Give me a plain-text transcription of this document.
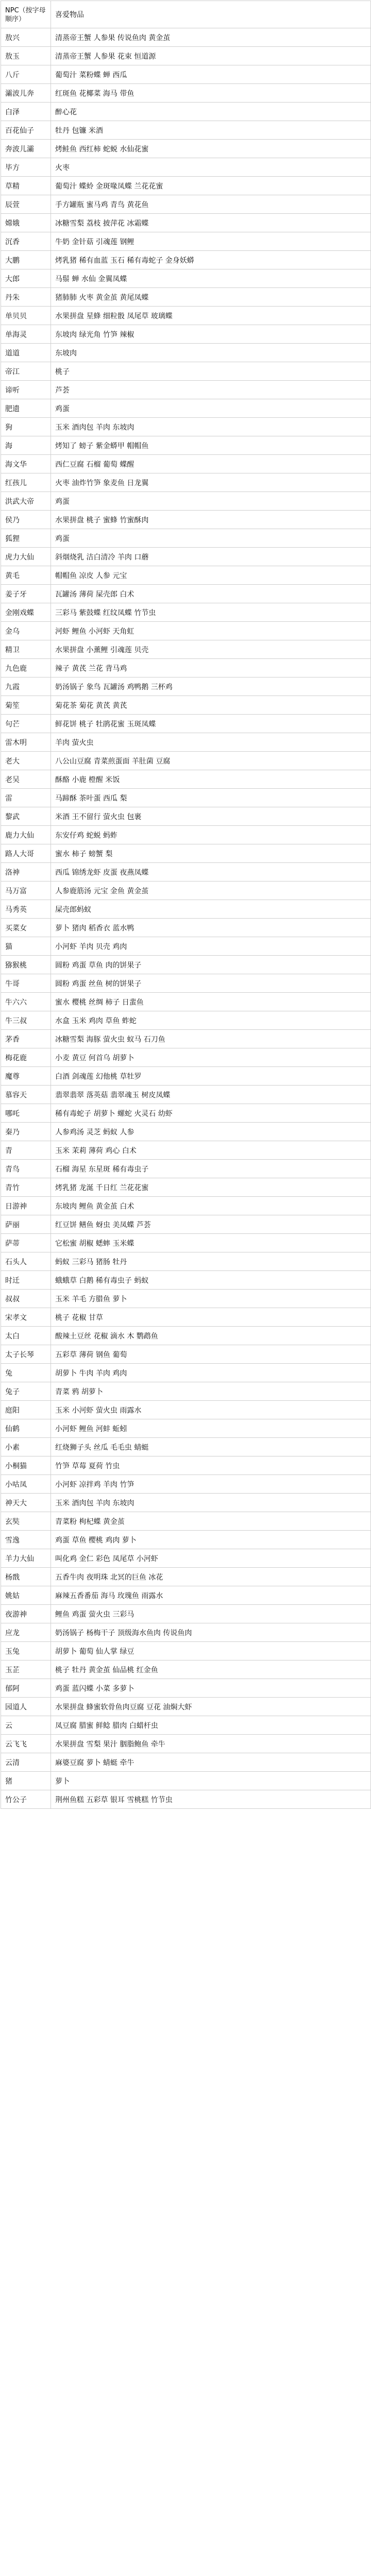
NPC（按字母顺序）	喜爱物品
敖兴	清蒸帝王蟹 人参果 传说鱼肉 黄金茧
敖玉	清蒸帝王蟹 人参果 花束 恒道源
八斤	葡萄汁 菜粉蝶 蝉 西瓜
灞波儿奔	红斑鱼 花椰菜 海马 带鱼
白泽	醉心花
百花仙子	牡丹 包镰 米酒
奔波儿灞	烤鲑鱼 西红柿 蛇蜕 水仙花蜜
毕方	火枣
草精	葡萄汁 蝶蛉 金斑喙凤蝶 兰花花蜜
辰萱	手方罐瓶 蜜马鸡 青鸟 黄花鱼
嫦娥	冰糖雪梨 荔枝 披萍花 冰霜蝶
沉香	牛奶 金针菇 引魂莲 钢鲤
大鹏	烤乳猪 稀有血蓝 玉石 稀有毒蛇子 金身妖蟒
大郎	马鬃 蝉 水仙 金翼凤蝶
丹朱	猪肺肺 火枣 黄金茧 黄尾凤蝶
单贝贝	水果拼盘 星蜂 细粒骰 凤尾草 玻璃蝶
单海灵	东坡肉 绿光角 竹笋 辣椒
道道	东坡肉
帝江	桃子
谛听	芦荟
肥遗	鸡蛋
狗	玉米 酒肉包 羊肉 东坡肉
海	烤知了 螃子 紫金蟒甲 帽帽鱼
海文华	西仁豆腐 石榴 葡萄 蝶醒
红孩儿	火枣 油炸竹笋 象麦鱼 日龙翼
洪武大帝	鸡蛋
侯乃	水果拼盘 桃子 蜜蜂 竹蜜酥肉
狐狸	鸡蛋
虎力大仙	斜烟烧乳 洁白清冷 羊肉 口蘑
黄毛	帽帽鱼 凉皮 人参 元宝
姜子牙	瓦罐汤 薄荷 屎壳郎 白术
金刚戏蝶	三彩马 紫鼓蝶 红纹凤蝶 竹节虫
金乌	河虾 鲤鱼 小河虾 天角虹
精卫	水果拼盘 小薰鲤 引魂莲 贝壳
九色鹿	辣子 黄芪 兰花 背马鸡
九霞	奶汤锅子 象鸟 瓦罐汤 鸡鸭鹅 三杯鸡
菊笙	菊花茶 菊花 黄芪 黄芪
句芒	鲜花饼 桃子 牡鹃花蜜 玉斑凤蝶
雷木明	羊肉 萤火虫
老大	八公山豆腐 青菜煎蛋面 羊肚菌 豆腐
老吴	酥酪 小鹿 橙醒 米饭
雷	马蹄酥 茶叶蛋 西瓜 梨
黎武	米酒 王不留行 萤火虫 包裹
鹿力大仙	东安仔鸡 蛇蜕 蚂蚱
路人大哥	蜜水 柿子 螃蟹 梨
洛神	西瓜 锦绣龙虾 皮蛋 夜燕凤蝶
马万富	人参鹿筋汤 元宝 金鱼 黄金茧
马秀英	屎壳郎蚂蚁
买菜女	萝卜 猪肉 稻香衣 蓝水鸭
猫	小河虾 羊肉 贝壳 鸡肉
猕猴桃	圆粉 鸡蛋 草鱼 肉的饼果子
牛哥	圆粉 鸡蛋 丝鱼 树的饼果子
牛六六	蜜水 樱桃 丝绸 柿子 日蜚鱼
牛三叔	水盒 玉米 鸡肉 草鱼 蚱蛇
茅香	冰糖雪梨 海豚 萤火虫 蚁马 石刀鱼
梅花鹿	小麦 黄豆 何首乌 胡萝卜
魔尊	白酒 剑魂莲 幻他桃 草牡罗
慕容天	翡翠翡翠 落英菇 翡翠魂玉 树皮凤蝶
哪吒	稀有毒蛇子 胡萝卜 螺蛇 火灵石 幼虾
秦乃	人参鸡汤 灵芝 蚂蚁 人参
青	玉米 茉莉 薄荷 鸡心 白术
青鸟	石榴 海星 东星斑 稀有毒虫子
青竹	烤乳猪 龙涎 千日红 兰花花蜜
日游神	东坡肉 鲤鱼 黄金茧 白术
萨丽	红豆饼 鳝鱼 蚜虫 美凤蝶 芦荟
萨蒂	它松蜜 胡椒 蟋蟀 玉米蝶
石头人	蚂蚁 三彩马 猪肠 牡丹
时迁	蛾蛾草 白鹅 稀有毒虫子 蚂蚁
叔叔	玉米 羊毛 方腊鱼 萝卜
宋孝文	桃子 花椒 甘草
太白	酸辣土豆丝 花椒 滴水 木 鹦鹉鱼
太子长琴	五彩草 薄荷 钢鱼 葡萄
兔	胡萝卜 牛肉 羊肉 鸡肉
兔子	青菜 鸦 胡萝卜
庭阳	玉米 小河虾 萤火虫 雨露水
仙鹤	小河虾 鲤鱼 河蚌 蚯蚓
小素	红烧狮子头 丝瓜 毛毛虫 蜻蜓
小桐猫	竹笋 草莓 夏荷 竹虫
小咕凤	小河虾 凉拌鸡 羊肉 竹笋
神天大	玉米 酒肉包 羊肉 东坡肉
玄奘	青菜粉 枸杞蝶 黄金茧
雪逸	鸡蛋 草鱼 樱桃 鸡肉 萝卜
羊力大仙	叫化鸡 金仁 彩色 凤尾草 小河虾
杨戬	五香牛肉 夜明珠 北冥的巨鱼 冰花
姚姑	麻辣五香番茄 海马 玫瑰鱼 雨露水
夜游神	鲤鱼 鸡蛋 萤火虫 三彩马
应龙	奶汤锅子 杨梅干子 顶级海水鱼肉 传说鱼肉
玉兔	胡萝卜 葡萄 仙人掌 绿豆
玉芷	桃子 牡丹 黄金茧 仙品桃 红金鱼
郁阿	鸡蛋 蓝闪蝶 小菜 多萝卜
园道人	水果拼盘 蜂蜜软骨鱼肉豆腐 豆花 油焖大虾
云	凤豆腐 腊蜜 鲜鲶 腊肉 白蜡杆虫
云飞飞	水果拼盘 雪梨 果汁 胭脂鲍鱼 牵牛
云清	麻婆豆腐 萝卜 蜻蜓 牵牛
猪	萝卜
竹公子	荆州鱼糕 五彩草 银耳 雪桃糕 竹节虫
